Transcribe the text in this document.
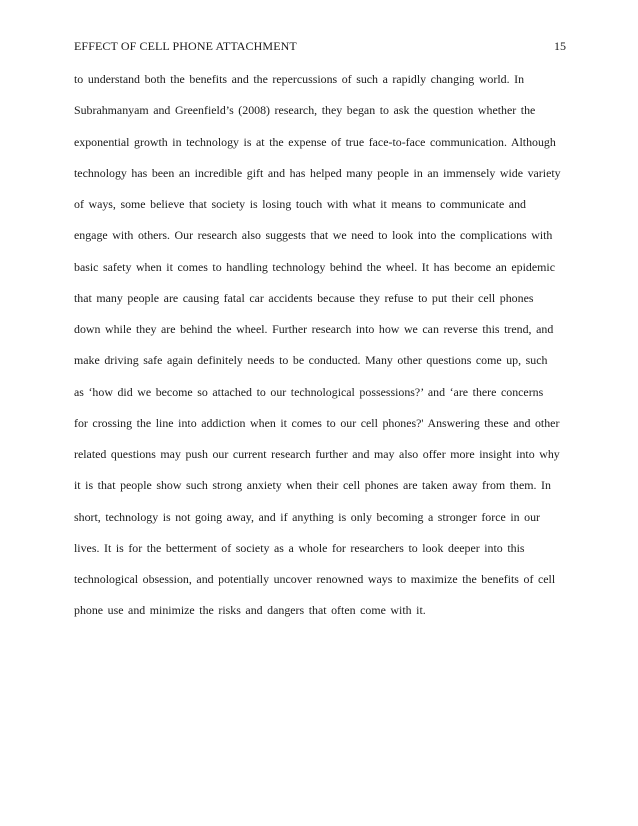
EFFECT OF CELL PHONE ATTACHMENT	15
to understand both the benefits and the repercussions of such a rapidly changing world. In
Subrahmanyam and Greenfield’s (2008) research, they began to ask the question whether the
exponential growth in technology is at the expense of true face-to-face communication. Although
technology has been an incredible gift and has helped many people in an immensely wide variety
of ways, some believe that society is losing touch with what it means to communicate and
engage with others. Our research also suggests that we need to look into the complications with
basic safety when it comes to handling technology behind the wheel. It has become an epidemic
that many people are causing fatal car accidents because they refuse to put their cell phones
down while they are behind the wheel. Further research into how we can reverse this trend, and
make driving safe again definitely needs to be conducted. Many other questions come up, such
as ‘how did we become so attached to our technological possessions?’ and ‘are there concerns
for crossing the line into addiction when it comes to our cell phones?' Answering these and other
related questions may push our current research further and may also offer more insight into why
it is that people show such strong anxiety when their cell phones are taken away from them. In
short, technology is not going away, and if anything is only becoming a stronger force in our
lives. It is for the betterment of society as a whole for researchers to look deeper into this
technological obsession, and potentially uncover renowned ways to maximize the benefits of cell
phone use and minimize the risks and dangers that often come with it.
